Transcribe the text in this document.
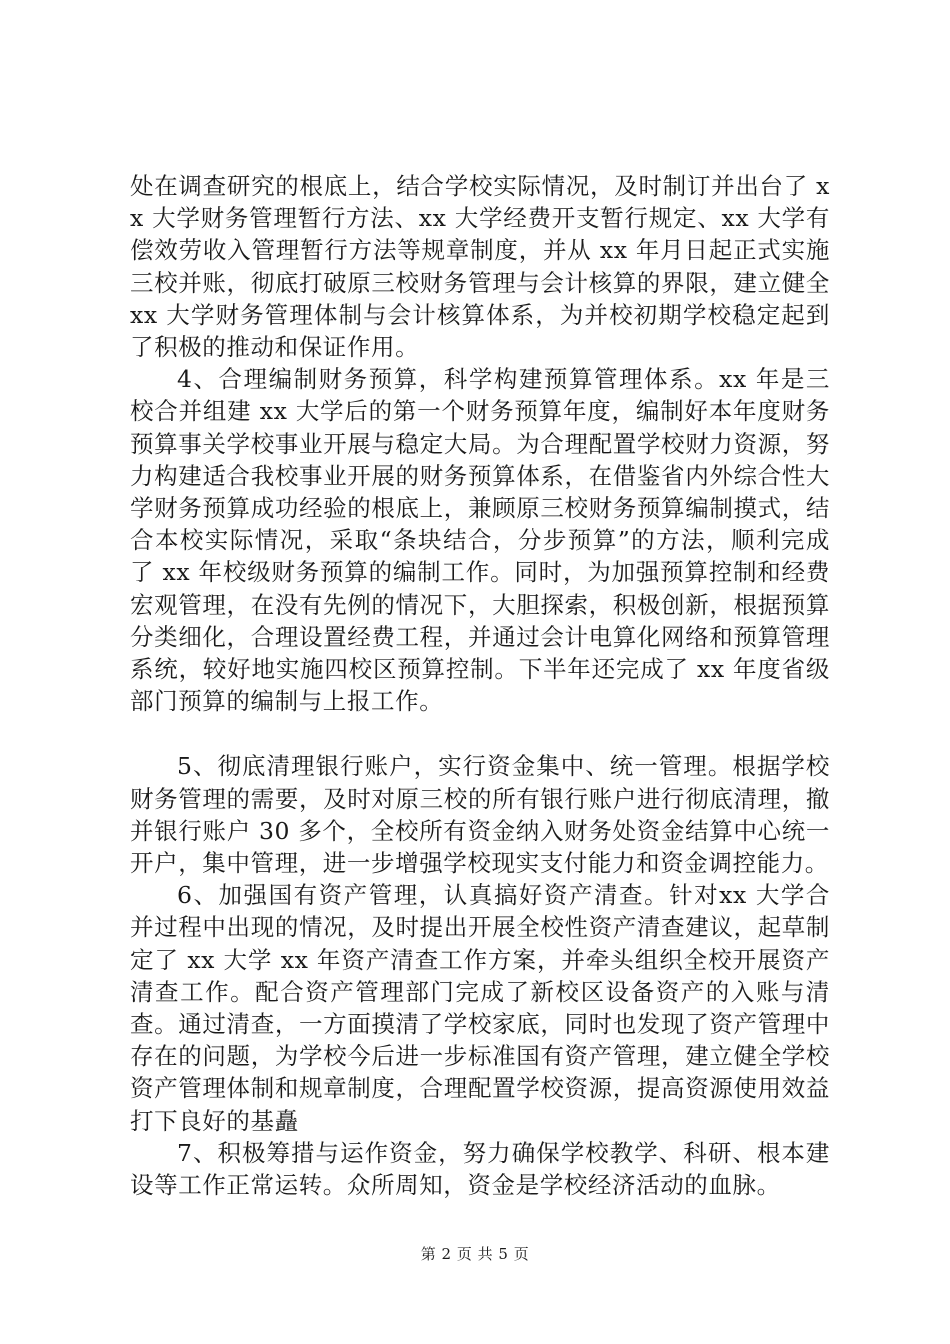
处在调查研究的根底上，结合学校实际情况，及时制订并出台了 xx 大学财务管理暂行方法、xx 大学经费开支暂行规定、xx 大学有偿效劳收入管理暂行方法等规章制度，并从 xx 年月日起正式实施三校并账，彻底打破原三校财务管理与会计核算的界限，建立健全 xx 大学财务管理体制与会计核算体系，为并校初期学校稳定起到了积极的推动和保证作用。

4、合理编制财务预算，科学构建预算管理体系。xx 年是三校合并组建 xx 大学后的第一个财务预算年度，编制好本年度财务预算事关学校事业开展与稳定大局。为合理配置学校财力资源，努力构建适合我校事业开展的财务预算体系，在借鉴省内外综合性大学财务预算成功经验的根底上，兼顾原三校财务预算编制摸式，结合本校实际情况，采取“条块结合，分步预算”的方法，顺利完成了 xx 年校级财务预算的编制工作。同时，为加强预算控制和经费宏观管理，在没有先例的情况下，大胆探索，积极创新，根据预算分类细化，合理设置经费工程，并通过会计电算化网络和预算管理系统，较好地实施四校区预算控制。下半年还完成了 xx 年度省级部门预算的编制与上报工作。

5、彻底清理银行账户，实行资金集中、统一管理。根据学校财务管理的需要，及时对原三校的所有银行账户进行彻底清理，撤并银行账户 30 多个，全校所有资金纳入财务处资金结算中心统一开户，集中管理，进一步增强学校现实支付能力和资金调控能力。

6、加强国有资产管理，认真搞好资产清查。针对xx 大学合并过程中出现的情况，及时提出开展全校性资产清查建议，起草制定了 xx 大学 xx 年资产清查工作方案，并牵头组织全校开展资产清查工作。配合资产管理部门完成了新校区设备资产的入账与清查。通过清查，一方面摸清了学校家底，同时也发现了资产管理中存在的问题，为学校今后进一步标准国有资产管理，建立健全学校资产管理体制和规章制度，合理配置学校资源，提高资源使用效益打下良好的基矗

7、积极筹措与运作资金，努力确保学校教学、科研、根本建设等工作正常运转。众所周知，资金是学校经济活动的血脉。

第 2 页 共 5 页
